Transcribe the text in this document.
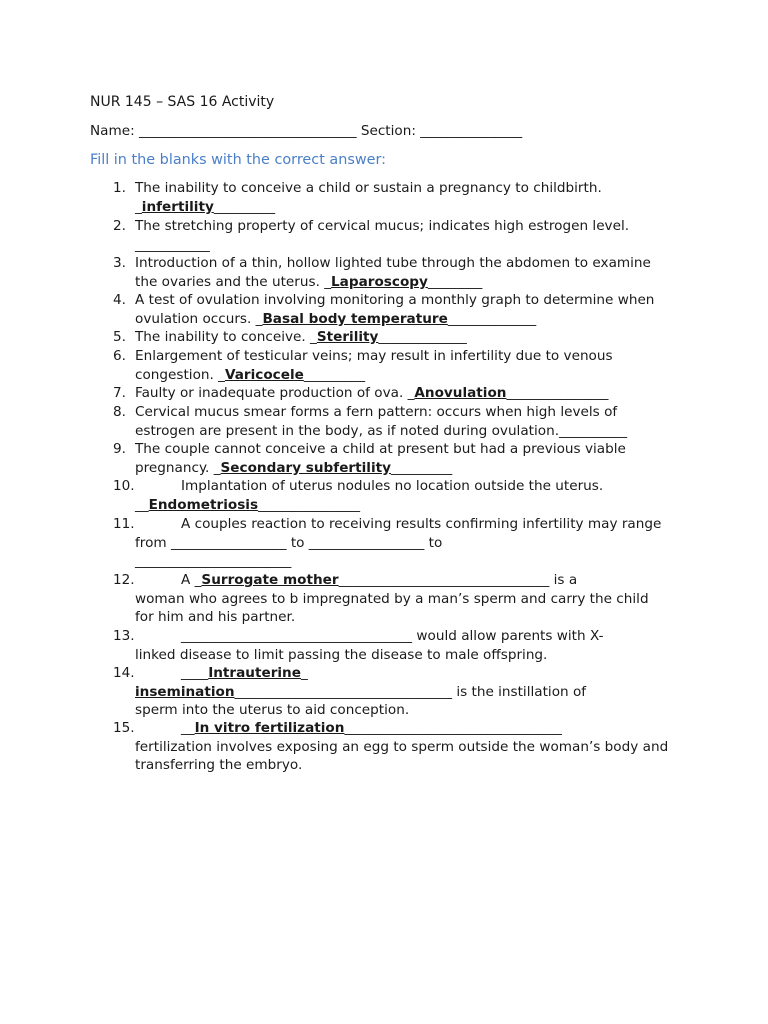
NUR 145 – SAS 16 Activity
Name: ________________________________ Section: _______________
Fill in the blanks with the correct answer:
1. The inability to conceive a child or sustain a pregnancy to childbirth.
_infertility_________
2. The stretching property of cervical mucus; indicates high estrogen level.
___________
3. Introduction of a thin, hollow lighted tube through the abdomen to examine
the ovaries and the uterus. _Laparoscopy________
4. A test of ovulation involving monitoring a monthly graph to determine when
ovulation occurs. _Basal body temperature_____________
5. The inability to conceive. _Sterility_____________
6. Enlargement of testicular veins; may result in infertility due to venous
congestion. _Varicocele_________
7. Faulty or inadequate production of ova. _Anovulation_______________
8. Cervical mucus smear forms a fern pattern: occurs when high levels of
estrogen are present in the body, as if noted during ovulation.__________
9. The couple cannot conceive a child at present but had a previous viable
pregnancy. _Secondary subfertility_________
10.	Implantation of uterus nodules no location outside the uterus.
__Endometriosis_______________
11.	A couples reaction to receiving results confirming infertility may range
from _________________ to _________________ to
_______________________
12.	A _Surrogate mother_______________________________ is a
woman who agrees to b impregnated by a man’s sperm and carry the child
for him and his partner.
13.	__________________________________ would allow parents with X-
linked disease to limit passing the disease to male offspring.
14.	____Intrauterine_
insemination________________________________ is the instillation of
sperm into the uterus to aid conception.
15.	__In vitro fertilization________________________________
fertilization involves exposing an egg to sperm outside the woman’s body and
transferring the embryo.
